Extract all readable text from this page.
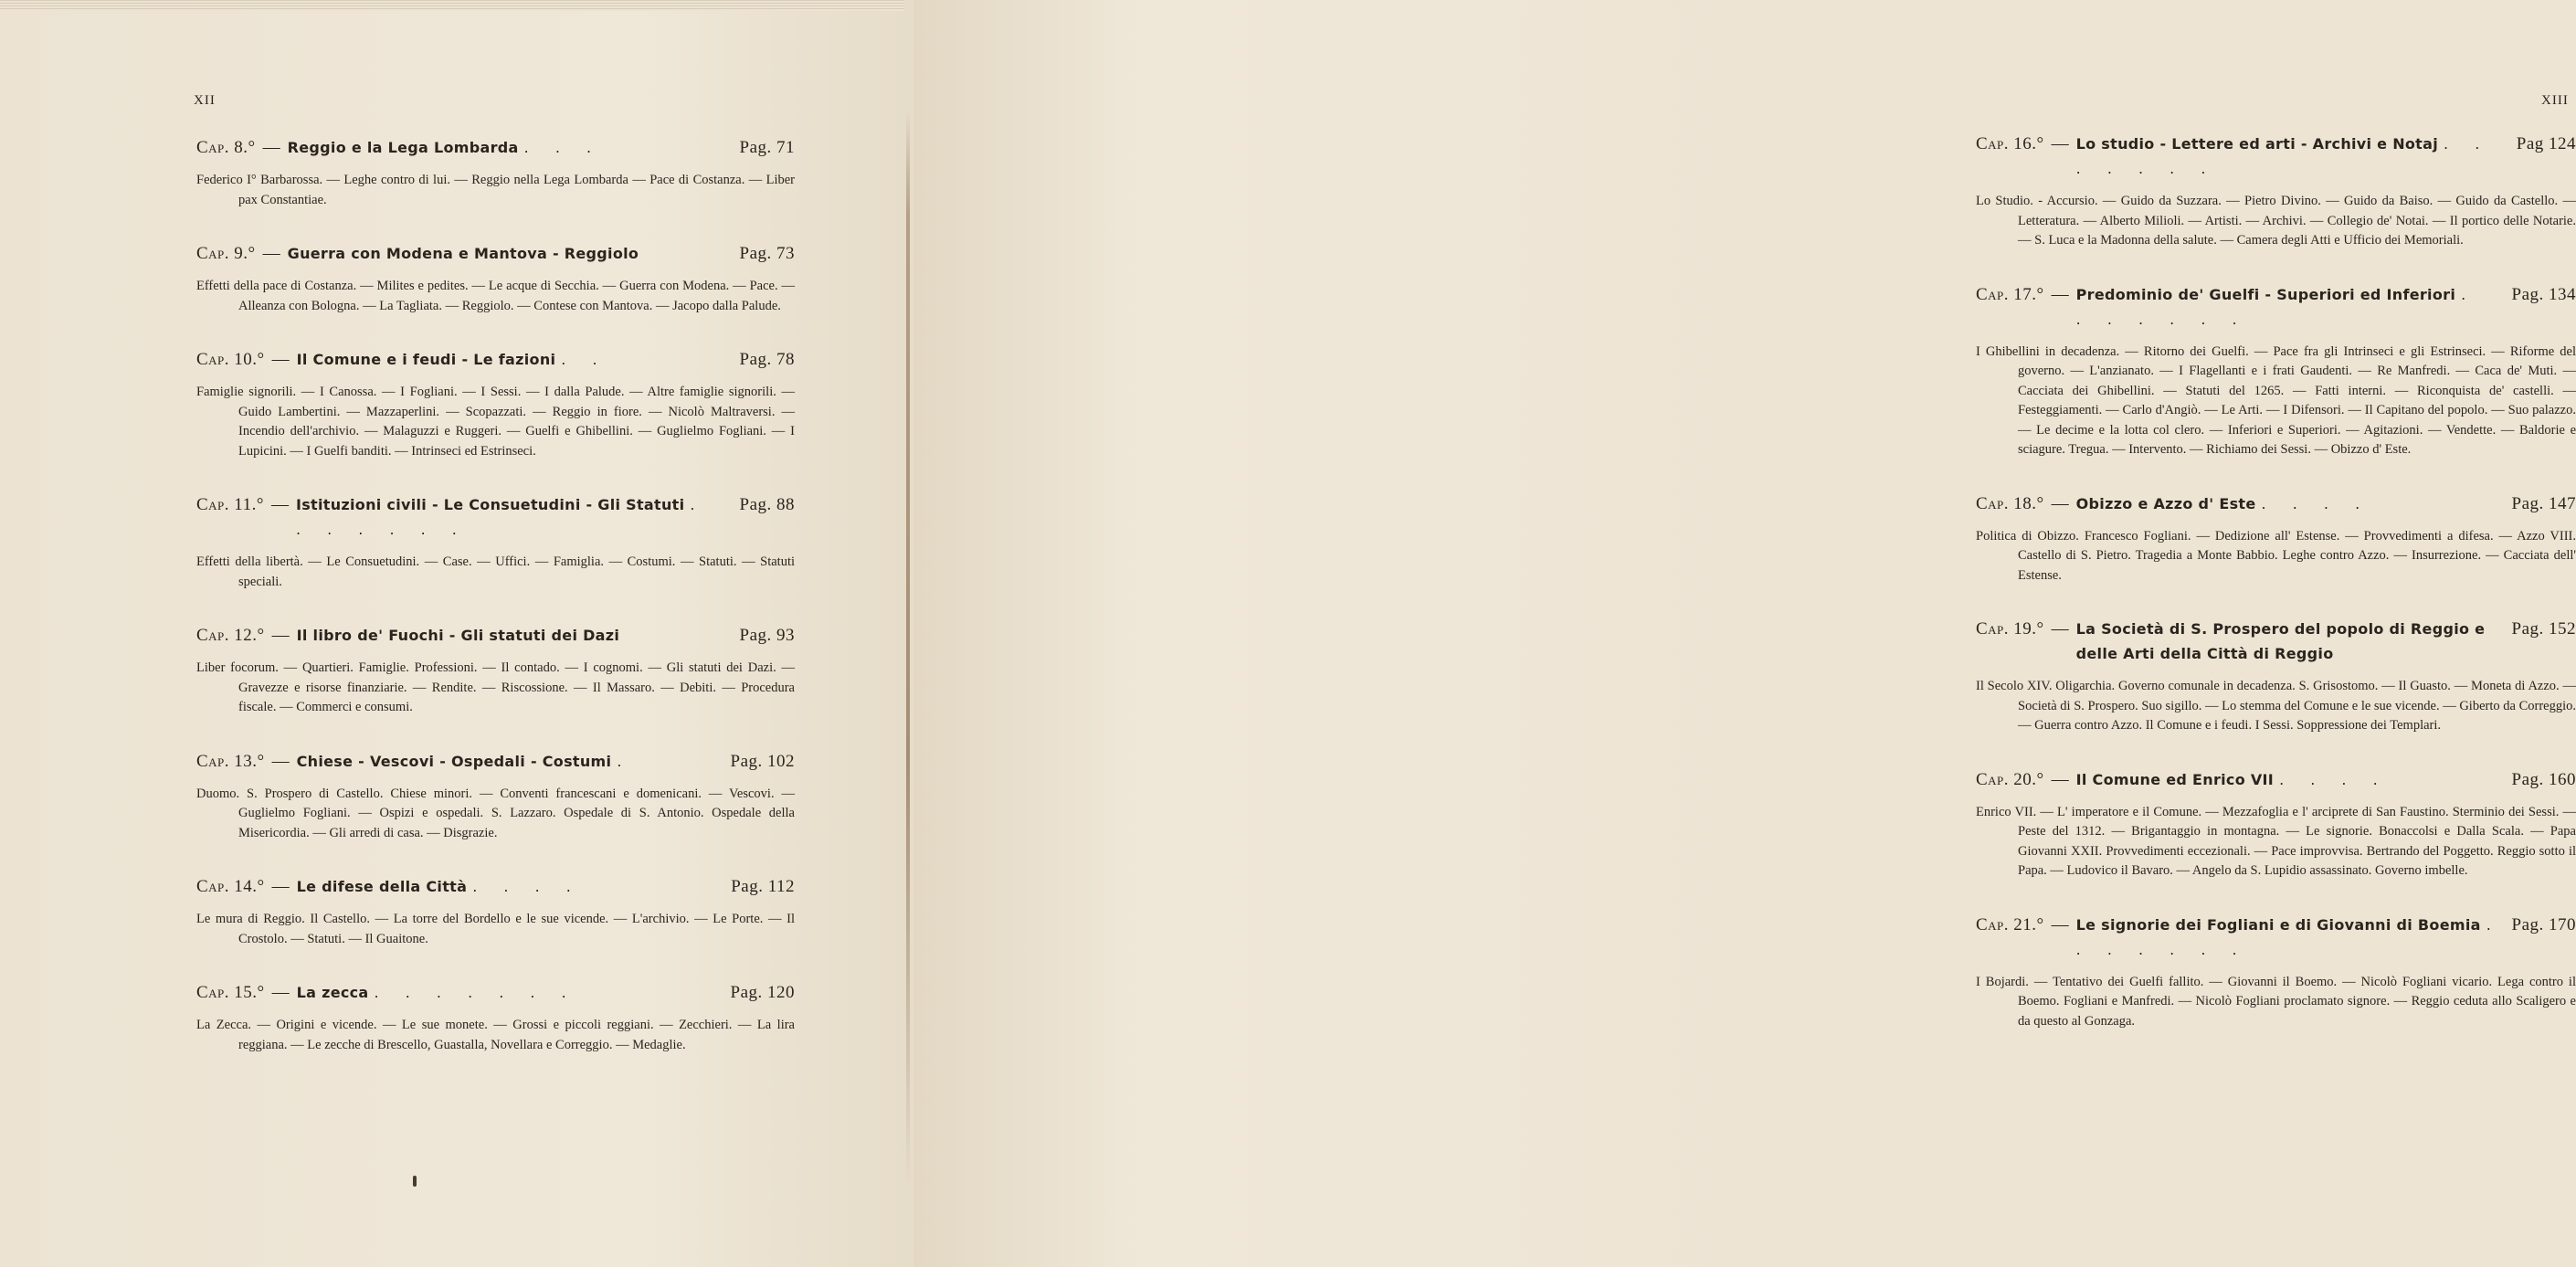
XII
Cap. 8.° — Reggio e la Lega Lombarda . . .	Pag. 71
Federico I° Barbarossa. — Leghe contro di lui. — Reggio nella Lega Lombarda — Pace di Costanza. — Liber pax Constantiae.
Cap. 9.° — Guerra con Modena e Mantova - Reggiolo	Pag. 73
Effetti della pace di Costanza. — Milites e pedites. — Le acque di Secchia. — Guerra con Modena. — Pace. — Alleanza con Bologna. — La Tagliata. — Reggiolo. — Contese con Mantova. — Jacopo dalla Palude.
Cap. 10.° — Il Comune e i feudi - Le fazioni . .	Pag. 78
Famiglie signorili. — I Canossa. — I Fogliani. — I Sessi. — I dalla Palude. — Altre famiglie signorili. — Guido Lambertini. — Mazzaperlini. — Scopazzati. — Reggio in fiore. — Nicolò Maltraversi. — Incendio dell'archivio. — Malaguzzi e Ruggeri. — Guelfi e Ghibellini. — Guglielmo Fogliani. — I Lupicini. — I Guelfi banditi. — Intrinseci ed Estrinseci.
Cap. 11.° — Istituzioni civili - Le Consuetudini - Gli Statuti . . . . . . .
Pag. 88
Effetti della libertà. — Le Consuetudini. — Case. — Uffici. — Famiglia. — Costumi. — Statuti. — Statuti speciali.
Cap. 12.° — Il libro de' Fuochi - Gli statuti dei Dazi	Pag. 93
Liber focorum. — Quartieri. Famiglie. Professioni. — Il contado. — I cognomi. — Gli statuti dei Dazi. — Gravezze e risorse finanziarie. — Rendite. — Riscossione. — Il Massaro. — Debiti. — Procedura fiscale. — Commerci e consumi.
Cap. 13.° — Chiese - Vescovi - Ospedali - Costumi .	Pag. 102
Duomo. S. Prospero di Castello. Chiese minori. — Conventi francescani e domenicani. — Vescovi. — Guglielmo Fogliani. — Ospizi e ospedali. S. Lazzaro. Ospedale di S. Antonio. Ospedale della Misericordia. — Gli arredi di casa. — Disgrazie.
Cap. 14.° — Le difese della Città . . . .	Pag. 112
Le mura di Reggio. Il Castello. — La torre del Bordello e le sue vicende. — L'archivio. — Le Porte. — Il Crostolo. — Statuti. — Il Guaitone.
Cap. 15.° — La zecca . . . . . . .	Pag. 120
La Zecca. — Origini e vicende. — Le sue monete. — Grossi e piccoli reggiani. — Zecchieri. — La lira reggiana. — Le zecche di Brescello, Guastalla, Novellara e Correggio. — Medaglie.
XIII
Cap. 16.° — Lo studio - Lettere ed arti - Archivi e Notaj . . . . . . .
Pag 124
Lo Studio. - Accursio. — Guido da Suzzara. — Pietro Divino. — Guido da Baiso. — Guido da Castello. — Letteratura. — Alberto Milioli. — Artisti. — Archivi. — Collegio de' Notai. — Il portico delle Notarie. — S. Luca e la Madonna della salute. — Camera degli Atti e Ufficio dei Memoriali.
Cap. 17.° — Predominio de' Guelfi - Superiori ed Inferiori . . . . . . .
Pag. 134
I Ghibellini in decadenza. — Ritorno dei Guelfi. — Pace fra gli Intrinseci e gli Estrinseci. — Riforme del governo. — L'anzianato. — I Flagellanti e i frati Gaudenti. — Re Manfredi. — Caca de' Muti. — Cacciata dei Ghibellini. — Statuti del 1265. — Fatti interni. — Riconquista de' castelli. — Festeggiamenti. — Carlo d'Angiò. — Le Arti. — I Difensori. — Il Capitano del popolo. — Suo palazzo. — Le decime e la lotta col clero. — Inferiori e Superiori. — Agitazioni. — Vendette. — Baldorie e sciagure. Tregua. — Intervento. — Richiamo dei Sessi. — Obizzo d' Este.
Cap. 18.° — Obizzo e Azzo d' Este . . . .	Pag. 147
Politica di Obizzo. Francesco Fogliani. — Dedizione all' Estense. — Provvedimenti a difesa. — Azzo VIII. Castello di S. Pietro. Tragedia a Monte Babbio. Leghe contro Azzo. — Insurrezione. — Cacciata dell' Estense.
Cap. 19.° — La Società di S. Prospero del popolo di Reggio e delle Arti della Città di Reggio
Pag. 152
Il Secolo XIV. Oligarchia. Governo comunale in decadenza. S. Grisostomo. — Il Guasto. — Moneta di Azzo. — Società di S. Prospero. Suo sigillo. — Lo stemma del Comune e le sue vicende. — Giberto da Correggio. — Guerra contro Azzo. Il Comune e i feudi. I Sessi. Soppressione dei Templari.
Cap. 20.° — Il Comune ed Enrico VII . . . .	Pag. 160
Enrico VII. — L' imperatore e il Comune. — Mezzafoglia e l' arciprete di San Faustino. Sterminio dei Sessi. — Peste del 1312. — Brigantaggio in montagna. — Le signorie. Bonaccolsi e Dalla Scala. — Papa Giovanni XXII. Provvedimenti eccezionali. — Pace improvvisa. Bertrando del Poggetto. Reggio sotto il Papa. — Ludovico il Bavaro. — Angelo da S. Lupidio assassinato. Governo imbelle.
Cap. 21.° — Le signorie dei Fogliani e di Giovanni di Boemia . . . . . . .
Pag. 170
I Bojardi. — Tentativo dei Guelfi fallito. — Giovanni il Boemo. — Nicolò Fogliani vicario. Lega contro il Boemo. Fogliani e Manfredi. — Nicolò Fogliani proclamato signore. — Reggio ceduta allo Scaligero e da questo al Gonzaga.
